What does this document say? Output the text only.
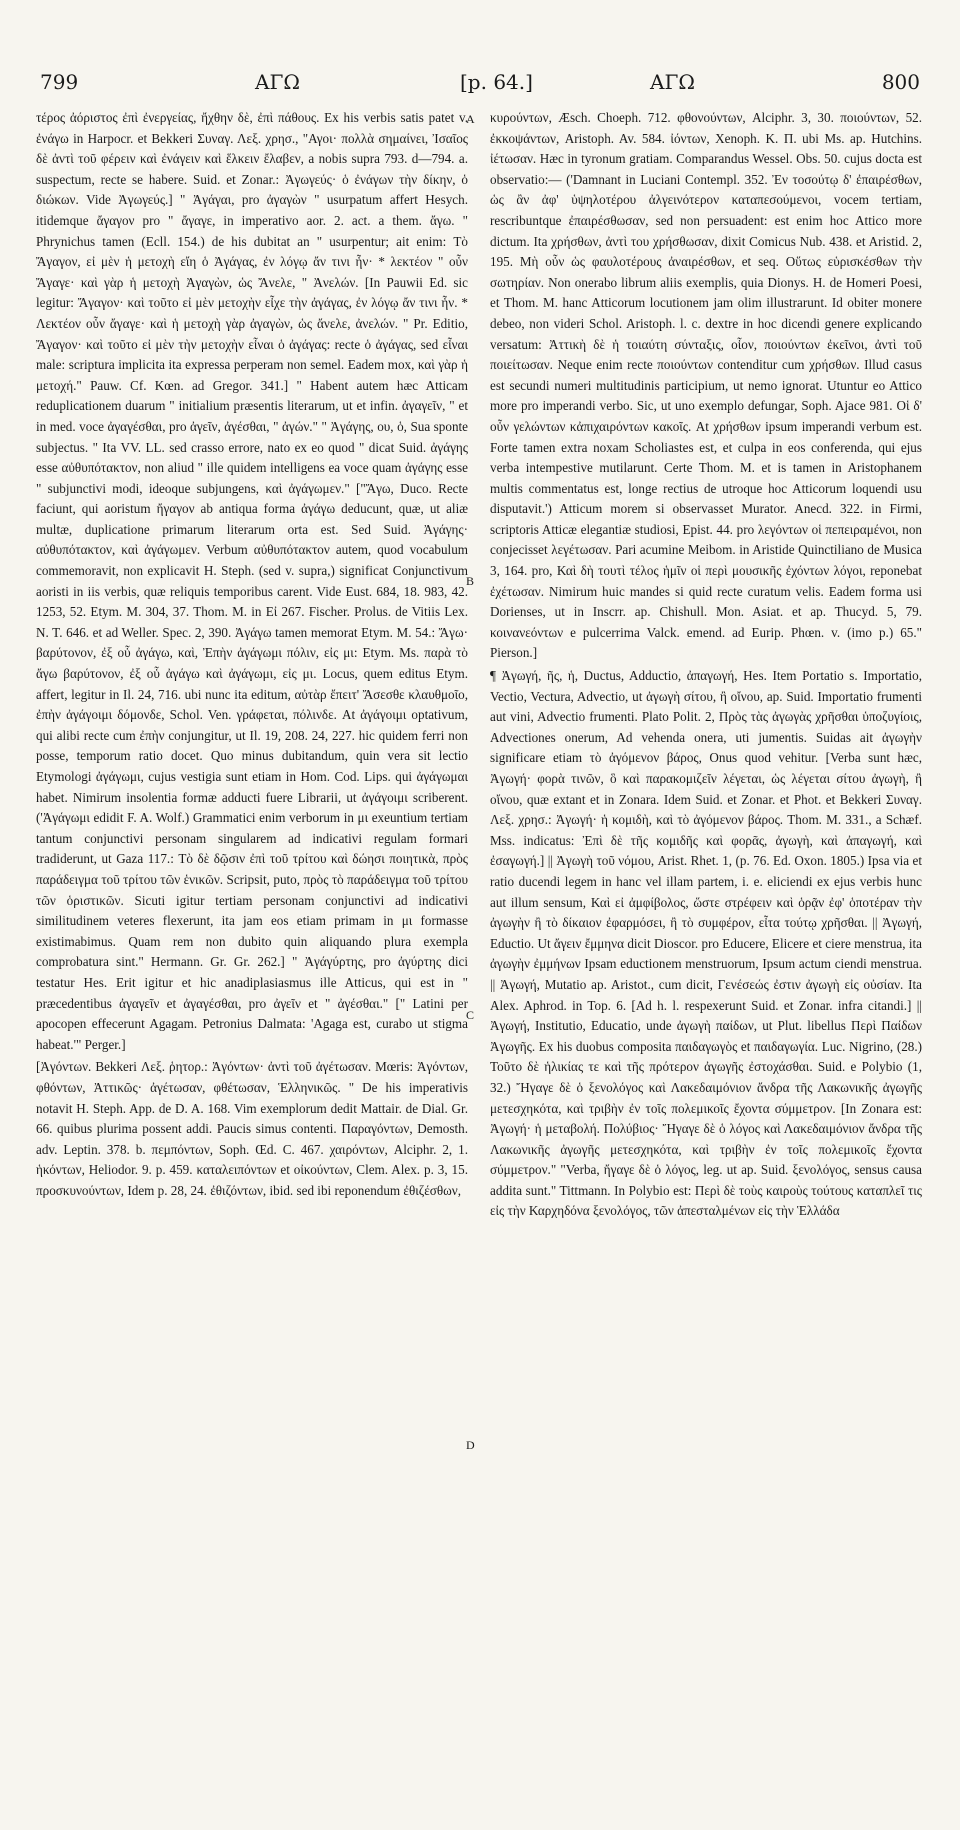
799	ΑΓΩ	[p. 64.]	ΑΓΩ	800

τέρος ἀόριστος ἐπὶ ἐνεργείας, ἤχθην δὲ, ἐπὶ πάθους. Ex his verbis satis patet v. ἐνάγω in Harpocr. et Bekkeri Συναγ. Λεξ. χρησ., "Αγοι· πολλὰ σημαίνει, Ἰσαῖος δὲ ἀντὶ τοῦ φέρειν καὶ ἐνάγειν καὶ ἕλκειν ἔλαβεν, a nobis supra 793. d—794. a. suspectum, recte se habere. Suid. et Zonar.: Ἀγωγεύς· ὁ ἐνάγων τὴν δίκην, ὁ διώκων. Vide Ἀγωγεύς.] " Ἀγάγαι, pro ἀγαγὼν " usurpatum affert Hesych. itidemque ἄγαγον pro " ἄγαγε, in imperativo aor. 2. act. a them. ἄγω. " Phrynichus tamen (Ecll. 154.) de his dubitat an " usurpentur; ait enim: Τὸ Ἄγαγον, εἰ μὲν ἡ μετοχὴ εἴη ὁ Ἀγάγας, ἐν λόγῳ ἄν τινι ἦν· * λεκτέον " οὖν Ἄγαγε· καὶ γὰρ ἡ μετοχὴ Ἀγαγὼν, ὡς Ἄνελε, " Ἀνελών. [In Pauwii Ed. sic legitur: Ἄγαγον· καὶ τοῦτο εἰ μὲν μετοχὴν εἶχε τὴν ἀγάγας, ἐν λόγῳ ἄν τινι ἦν. * Λεκτέον οὖν ἄγαγε· καὶ ἡ μετοχὴ γὰρ ἀγαγὼν, ὡς ἄνελε, ἀνελών. " Pr. Editio, Ἄγαγον· καὶ τοῦτο εἰ μὲν τὴν μετοχὴν εἶναι ὁ ἀγάγας: recte ὁ ἀγάγας, sed εἶναι male: scriptura implicita ita expressa perperam non semel. Eadem mox, καὶ γὰρ ἡ μετοχή." Pauw. Cf. Kœn. ad Gregor. 341.] " Habent autem hæc Atticam reduplicationem duarum " initialium præsentis literarum, ut et infin. ἀγαγεῖν, " et in med. voce ἀγαγέσθαι, pro ἀγεῖν, ἀγέσθαι, " ἀγών." " Ἀγάγης, ου, ὁ, Sua sponte subjectus. " Ita VV. LL. sed crasso errore, nato ex eo quod " dicat Suid. ἀγάγης esse αὐθυπότακτον, non aliud " ille quidem intelligens ea voce quam ἀγάγης esse " subjunctivi modi, ideoque subjungens, καὶ ἀγάγωμεν." ["Ἄγω, Duco. Recte faciunt, qui aoristum ἤγαγον ab antiqua forma ἀγάγω deducunt, quæ, ut aliæ multæ, duplicatione primarum literarum orta est. Sed Suid. Ἀγάγης· αὐθυπότακτον, καὶ ἀγάγωμεν. Verbum αὐθυπότακτον autem, quod vocabulum commemoravit, non explicavit H. Steph. (sed v. supra,) significat Conjunctivum aoristi in iis verbis, quæ reliquis temporibus carent. Vide Eust. 684, 18. 983, 42. 1253, 52. Etym. M. 304, 37. Thom. M. in Εἰ 267. Fischer. Prolus. de Vitiis Lex. N. T. 646. et ad Weller. Spec. 2, 390. Ἀγάγω tamen memorat Etym. M. 54.: Ἄγω· βαρύτονον, ἐξ οὗ ἀγάγω, καὶ, Ἐπὴν ἀγάγωμι πόλιν, εἰς μι: Etym. Ms. παρὰ τὸ ἄγω βαρύτονον, ἐξ οὗ ἀγάγω καὶ ἀγάγωμι, εἰς μι. Locus, quem editus Etym. affert, legitur in Il. 24, 716. ubi nunc ita editum, αὐτὰρ ἔπειτ' Ἄσεσθε κλαυθμοῖο, ἐπὴν ἀγάγοιμι δόμονδε, Schol. Ven. γράφεται, πόλινδε. At ἀγάγοιμι optativum, qui alibi recte cum ἐπὴν conjungitur, ut Il. 19, 208. 24, 227. hic quidem ferri non posse, temporum ratio docet. Quo minus dubitandum, quin vera sit lectio Etymologi ἀγάγωμι, cujus vestigia sunt etiam in Hom. Cod. Lips. qui ἀγάγωμαι habet. Nimirum insolentia formæ adducti fuere Librarii, ut ἀγάγοιμι scriberent. ('Ἀγάγωμι edidit F. A. Wolf.) Grammatici enim verborum in μι exeuntium tertiam tantum conjunctivi personam singularem ad indicativi regulam formari tradiderunt, ut Gaza 117.: Τὸ δὲ δῷσιν ἐπὶ τοῦ τρίτου καὶ δώησι ποιητικὰ, πρὸς παράδειγμα τοῦ τρίτου τῶν ἑνικῶν. Scripsit, puto, πρὸς τὸ παράδειγμα τοῦ τρίτου τῶν ὁριστικῶν. Sicuti igitur tertiam personam conjunctivi ad indicativi similitudinem veteres flexerunt, ita jam eos etiam primam in μι formasse existimabimus. Quam rem non dubito quin aliquando plura exempla comprobatura sint." Hermann. Gr. Gr. 262.] " Ἀγάγύρτης, pro ἀγύρτης dici testatur Hes. Erit igitur et hic anadiplasiasmus ille Atticus, qui est in " præcedentibus ἀγαγεῖν et ἀγαγέσθαι, pro ἀγεῖν et " ἀγέσθαι." [" Latini per apocopen effecerunt Agagam. Petronius Dalmata: 'Agaga est, curabo ut stigma habeat.'" Perger.]

[Ἀγόντων. Bekkeri Λεξ. ῥητορ.: Ἀγόντων· ἀντὶ τοῦ ἀγέτωσαν. Mœris: Ἀγόντων, φθόντων, Ἀττικῶς· ἀγέτωσαν, φθέτωσαν, Ἑλληνικῶς. " De his imperativis notavit H. Steph. App. de D. A. 168. Vim exemplorum dedit Mattair. de Dial. Gr. 66. quibus plurima possent addi. Paucis simus contenti. Παραγόντων, Demosth. adv. Leptin. 378. b. πεμπόντων, Soph. Œd. C. 467. χαιρόντων, Alciphr. 2, 1. ἡκόντων, Heliodor. 9. p. 459. καταλειπόντων et οἰκούντων, Clem. Alex. p. 3, 15. προσκυνούντων, Idem p. 28, 24. ἐθιζόντων, ibid. sed ibi reponendum ἐθιζέσθων,

A
B
C
D

κυρούντων, Æsch. Choeph. 712. φθονούντων, Alciphr. 3, 30. ποιούντων, 52. ἐκκοψάντων, Aristoph. Av. 584. ἰόντων, Xenoph. K. Π. ubi Ms. ap. Hutchins. ἰέτωσαν. Hæc in tyronum gratiam. Comparandus Wessel. Obs. 50. cujus docta est observatio:— ('Damnant in Luciani Contempl. 352. Ἐν τοσούτῳ δ' ἐπαιρέσθων, ὡς ἂν ἀφ' ὑψηλοτέρου ἀλγεινότερον καταπεσούμενοι, vocem tertiam, rescribuntque ἐπαιρέσθωσαν, sed non persuadent: est enim hoc Attico more dictum. Ita χρήσθων, ἀντὶ του χρήσθωσαν, dixit Comicus Nub. 438. et Aristid. 2, 195. Μὴ οὖν ὡς φαυλοτέρους ἀναιρέσθων, et seq. Οὕτως εὑρισκέσθων τὴν σωτηρίαν. Non onerabo librum aliis exemplis, quia Dionys. H. de Homeri Poesi, et Thom. M. hanc Atticorum locutionem jam olim illustrarunt. Id obiter monere debeo, non videri Schol. Aristoph. l. c. dextre in hoc dicendi genere explicando versatum: Ἀττικὴ δὲ ἡ τοιαύτη σύνταξις, οἷον, ποιούντων ἐκεῖνοι, ἀντὶ τοῦ ποιείτωσαν. Neque enim recte ποιούντων contenditur cum χρήσθων. Illud casus est secundi numeri multitudinis participium, ut nemo ignorat. Utuntur eo Attico more pro imperandi verbo. Sic, ut uno exemplo defungar, Soph. Ajace 981. Οἱ δ' οὖν γελώντων κἀπιχαιρόντων κακοῖς. At χρήσθων ipsum imperandi verbum est. Forte tamen extra noxam Scholiastes est, et culpa in eos conferenda, qui ejus verba intempestive mutilarunt. Certe Thom. M. et is tamen in Aristophanem multis commentatus est, longe rectius de utroque hoc Atticorum loquendi usu disputavit.') Atticum morem si observasset Murator. Anecd. 322. in Firmi, scriptoris Atticæ elegantiæ studiosi, Epist. 44. pro λεγόντων οἱ πεπειραμένοι, non conjecisset λεγέτωσαν. Pari acumine Meibom. in Aristide Quinctiliano de Musica 3, 164. pro, Καὶ δὴ τουτὶ τέλος ἡμῖν οἱ περὶ μουσικῆς ἐχόντων λόγοι, reponebat ἐχέτωσαν. Nimirum huic mandes si quid recte curatum velis. Eadem forma usi Dorienses, ut in Inscrr. ap. Chishull. Mon. Asiat. et ap. Thucyd. 5, 79. κοινανεόντων e pulcerrima Valck. emend. ad Eurip. Phœn. v. (imo p.) 65." Pierson.]

¶ Ἀγωγή, ῆς, ἡ, Ductus, Adductio, ἀπαγωγή, Hes. Item Portatio s. Importatio, Vectio, Vectura, Advectio, ut ἀγωγὴ σίτου, ἢ οἴνου, ap. Suid. Importatio frumenti aut vini, Advectio frumenti. Plato Polit. 2, Πρὸς τὰς ἀγωγὰς χρῆσθαι ὑποζυγίοις, Advectiones onerum, Ad vehenda onera, uti jumentis. Suidas ait ἀγωγὴν significare etiam τὸ ἀγόμενον βάρος, Onus quod vehitur. [Verba sunt hæc, Ἀγωγή· φορὰ τινῶν, ὃ καὶ παρακομιζεῖν λέγεται, ὡς λέγεται σίτου ἀγωγὴ, ἢ οἴνου, quæ extant et in Zonara. Idem Suid. et Zonar. et Phot. et Bekkeri Συναγ. Λεξ. χρησ.: Ἀγωγή· ἡ κομιδὴ, καὶ τὸ ἀγόμενον βάρος. Thom. M. 331., a Schæf. Mss. indicatus: Ἐπὶ δὲ τῆς κομιδῆς καὶ φορᾶς, ἀγωγὴ, καὶ ἀπαγωγή, καὶ ἐσαγωγή.] || Ἀγωγὴ τοῦ νόμου, Arist. Rhet. 1, (p. 76. Ed. Oxon. 1805.) Ipsa via et ratio ducendi legem in hanc vel illam partem, i. e. eliciendi ex ejus verbis hunc aut illum sensum, Καὶ εἰ ἀμφίβολος, ὥστε στρέφειν καὶ ὁρᾷν ἐφ' ὁποτέραν τὴν ἀγωγὴν ἢ τὸ δίκαιον ἐφαρμόσει, ἢ τὸ συμφέρον, εἶτα τούτῳ χρῆσθαι. || Ἀγωγή, Eductio. Ut ἄγειν ἔμμηνα dicit Dioscor. pro Educere, Elicere et ciere menstrua, ita ἀγωγὴν ἐμμήνων Ipsam eductionem menstruorum, Ipsum actum ciendi menstrua. || Ἀγωγή, Mutatio ap. Aristot., cum dicit, Γενέσεώς ἐστιν ἀγωγὴ εἰς οὐσίαν. Ita Alex. Aphrod. in Top. 6. [Ad h. l. respexerunt Suid. et Zonar. infra citandi.] || Ἀγωγή, Institutio, Educatio, unde ἀγωγὴ παίδων, ut Plut. libellus Περὶ Παίδων Ἀγωγῆς. Ex his duobus composita παιδαγωγὸς et παιδαγωγία. Luc. Nigrino, (28.) Τοῦτο δὲ ἡλικίας τε καὶ τῆς πρότερον ἀγωγῆς ἐστοχάσθαι. Suid. e Polybio (1, 32.) Ἤγαγε δὲ ὁ ξενολόγος καὶ Λακεδαιμόνιον ἄνδρα τῆς Λακωνικῆς ἀγωγῆς μετεσχηκότα, καὶ τριβὴν ἐν τοῖς πολεμικοῖς ἔχοντα σύμμετρον. [In Zonara est: Ἀγωγή· ἡ μεταβολή. Πολύβιος· Ἤγαγε δὲ ὁ λόγος καὶ Λακεδαιμόνιον ἄνδρα τῆς Λακωνικῆς ἀγωγῆς μετεσχηκότα, καὶ τριβὴν ἐν τοῖς πολεμικοῖς ἔχοντα σύμμετρον." "Verba, ἤγαγε δὲ ὁ λόγος, leg. ut ap. Suid. ξενολόγος, sensus causa addita sunt." Tittmann. In Polybio est: Περὶ δὲ τοὺς καιροὺς τούτους καταπλεῖ τις εἰς τὴν Καρχηδόνα ξενολόγος, τῶν ἀπεσταλμένων εἰς τὴν Ἑλλάδα
